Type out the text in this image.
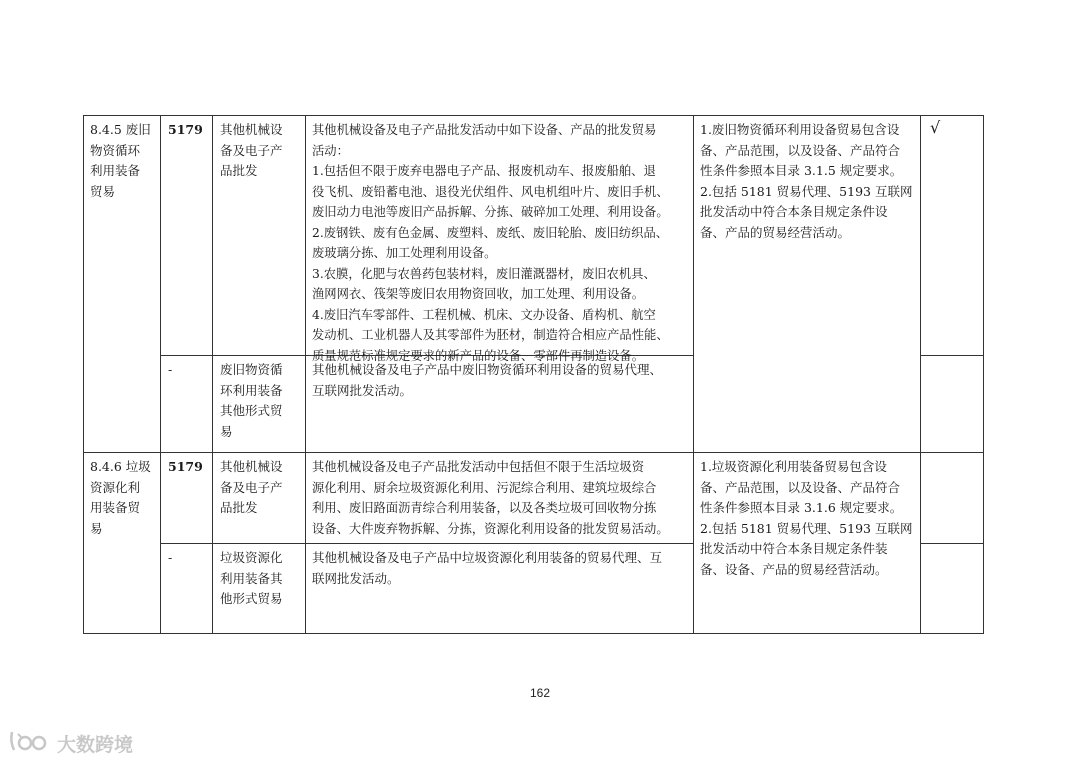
8.4.5 废旧
物资循环
利用装备
贸易
5179 其他机械设
备及电子产
品批发
其他机械设备及电子产品批发活动中如下设备、产品的批发贸易
活动：
1.包括但不限于废弃电器电子产品、报废机动车、报废船舶、退
役飞机、废铅蓄电池、退役光伏组件、风电机组叶片、废旧手机、
废旧动力电池等废旧产品拆解、分拣、破碎加工处理、利用设备。
2.废钢铁、废有色金属、废塑料、废纸、废旧轮胎、废旧纺织品、
废玻璃分拣、加工处理利用设备。
3.农膜，化肥与农兽药包装材料，废旧灌溉器材，废旧农机具、
渔网网衣、筏架等废旧农用物资回收，加工处理、利用设备。
4.废旧汽车零部件、工程机械、机床、文办设备、盾构机、航空
发动机、工业机器人及其零部件为胚材，制造符合相应产品性能、
质量规范标准规定要求的新产品的设备、零部件再制造设备。
1.废旧物资循环利用设备贸易包含设
备、产品范围，以及设备、产品符合
性条件参照本目录 3.1.5 规定要求。
2.包括 5181 贸易代理、5193 互联网
批发活动中符合本条目规定条件设
备、产品的贸易经营活动。
√
-	废旧物资循
环利用装备
其他形式贸
易
其他机械设备及电子产品中废旧物资循环利用设备的贸易代理、
互联网批发活动。
8.4.6 垃圾
资源化利
用装备贸
易
5179 其他机械设
备及电子产
品批发
其他机械设备及电子产品批发活动中包括但不限于生活垃圾资
源化利用、厨余垃圾资源化利用、污泥综合利用、建筑垃圾综合
利用、废旧路面沥青综合利用装备，以及各类垃圾可回收物分拣
设备、大件废弃物拆解、分拣，资源化利用设备的批发贸易活动。
1.垃圾资源化利用装备贸易包含设
备、产品范围，以及设备、产品符合
性条件参照本目录 3.1.6 规定要求。
2.包括 5181 贸易代理、5193 互联网
批发活动中符合本条目规定条件装
备、设备、产品的贸易经营活动。
-	垃圾资源化
利用装备其
他形式贸易
其他机械设备及电子产品中垃圾资源化利用装备的贸易代理、互
联网批发活动。
162
大数跨境
